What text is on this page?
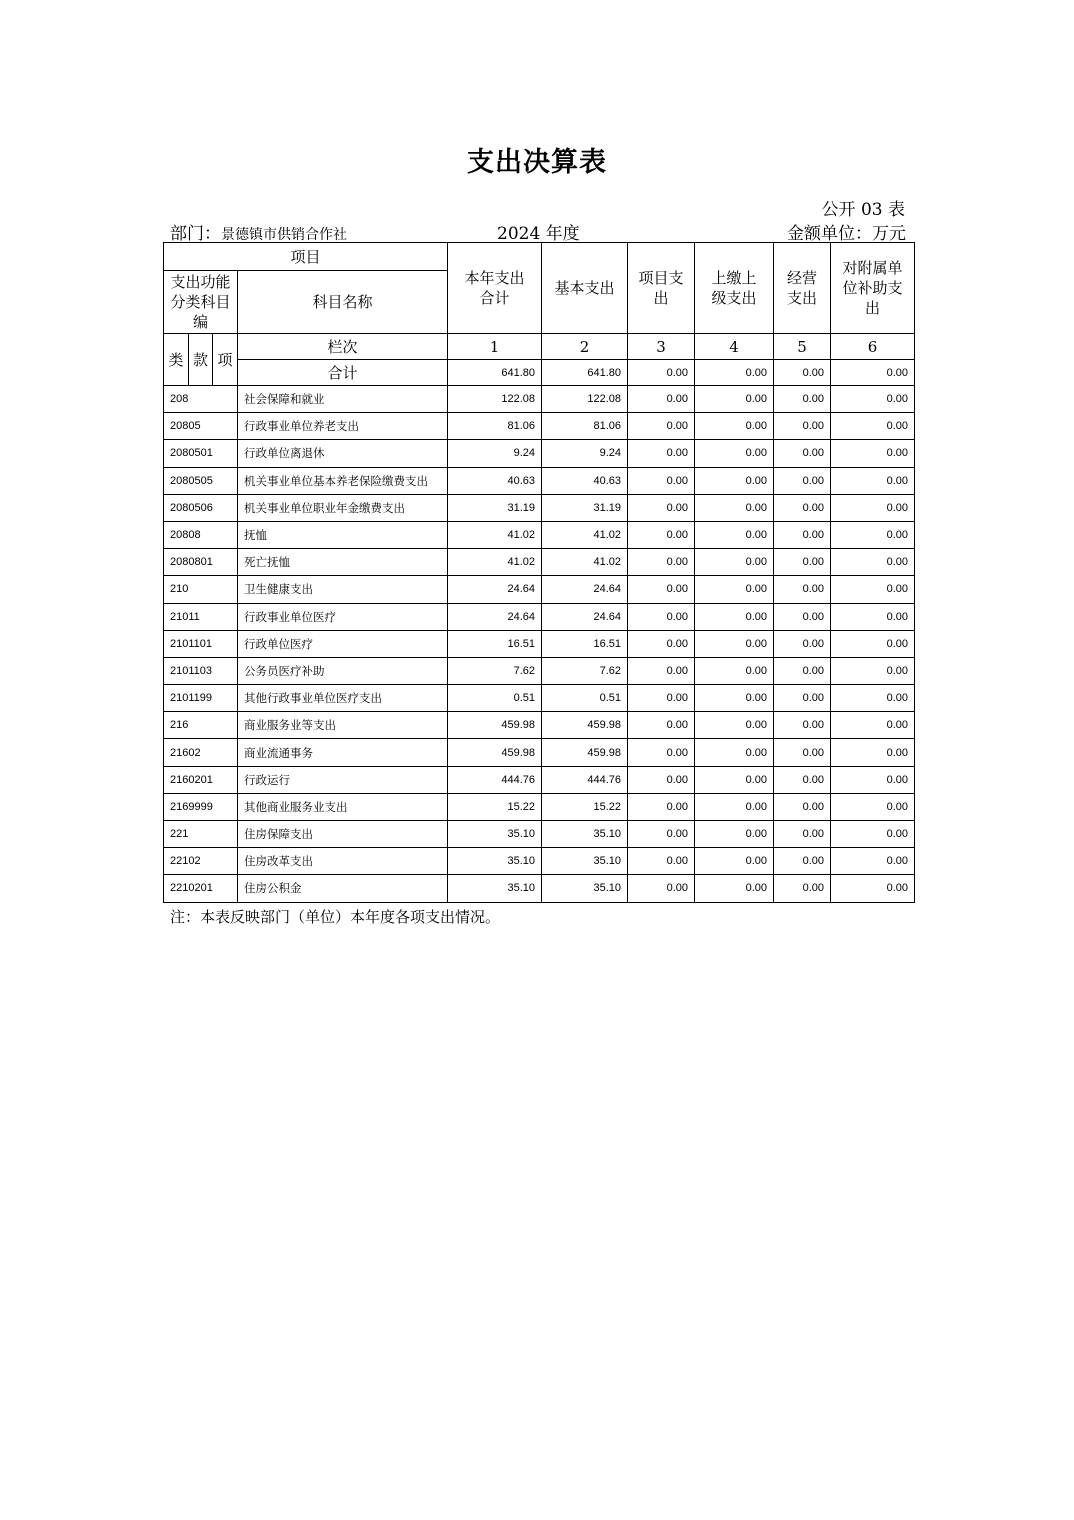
支出决算表
公开 03 表
部门：景德镇市供销合作社	2024 年度	金额单位：万元
项目				本年支出合计	基本支出	项目支出	上缴上级支出	经营支出	对附属单位补助支出
支出功能分类科目编			科目名称						
类	款	项	栏次	1	2	3	4	5	6
			合计	641.80	641.80	0.00	0.00	0.00	0.00
208			社会保障和就业	122.08	122.08	0.00	0.00	0.00	0.00
20805			行政事业单位养老支出	81.06	81.06	0.00	0.00	0.00	0.00
2080501			行政单位离退休	9.24	9.24	0.00	0.00	0.00	0.00
2080505			机关事业单位基本养老保险缴费支出	40.63	40.63	0.00	0.00	0.00	0.00
2080506			机关事业单位职业年金缴费支出	31.19	31.19	0.00	0.00	0.00	0.00
20808			抚恤	41.02	41.02	0.00	0.00	0.00	0.00
2080801			死亡抚恤	41.02	41.02	0.00	0.00	0.00	0.00
210			卫生健康支出	24.64	24.64	0.00	0.00	0.00	0.00
21011			行政事业单位医疗	24.64	24.64	0.00	0.00	0.00	0.00
2101101			行政单位医疗	16.51	16.51	0.00	0.00	0.00	0.00
2101103			公务员医疗补助	7.62	7.62	0.00	0.00	0.00	0.00
2101199			其他行政事业单位医疗支出	0.51	0.51	0.00	0.00	0.00	0.00
216			商业服务业等支出	459.98	459.98	0.00	0.00	0.00	0.00
21602			商业流通事务	459.98	459.98	0.00	0.00	0.00	0.00
2160201			行政运行	444.76	444.76	0.00	0.00	0.00	0.00
2169999			其他商业服务业支出	15.22	15.22	0.00	0.00	0.00	0.00
221			住房保障支出	35.10	35.10	0.00	0.00	0.00	0.00
22102			住房改革支出	35.10	35.10	0.00	0.00	0.00	0.00
2210201			住房公积金	35.10	35.10	0.00	0.00	0.00	0.00
注：本表反映部门（单位）本年度各项支出情况。
